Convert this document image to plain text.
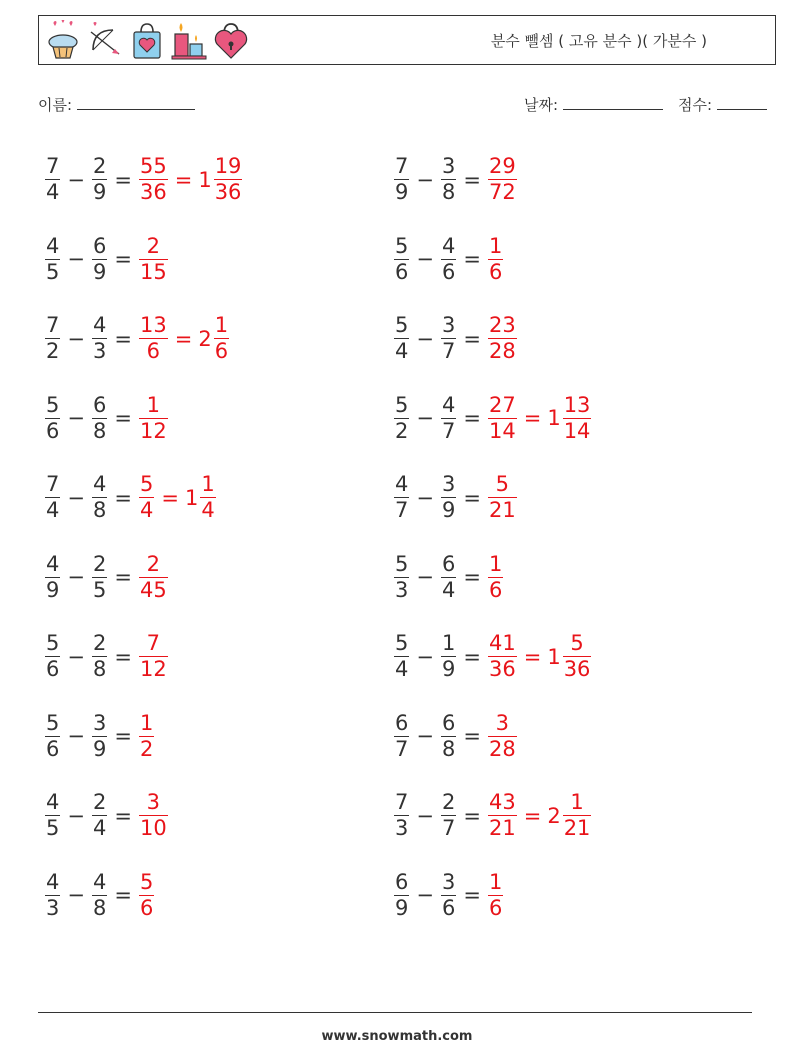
분수 뺄셈 ( 고유 분수 )( 가분수 )
이름:	날짜:	점수:
$\frac{7}{4} - \frac{2}{9} = \frac{55}{36} = 1 \frac{19}{36}$
$\frac{4}{5} - \frac{6}{9} = \frac{2}{15}$
$\frac{7}{2} - \frac{4}{3} = \frac{13}{6} = 2 \frac{1}{6}$
$\frac{5}{6} - \frac{6}{8} = \frac{1}{12}$
$\frac{7}{4} - \frac{4}{8} = \frac{5}{4} = 1 \frac{1}{4}$
$\frac{4}{9} - \frac{2}{5} = \frac{2}{45}$
$\frac{5}{6} - \frac{2}{8} = \frac{7}{12}$
$\frac{5}{6} - \frac{3}{9} = \frac{1}{2}$
$\frac{4}{5} - \frac{2}{4} = \frac{3}{10}$
$\frac{4}{3} - \frac{4}{8} = \frac{5}{6}$
$\frac{7}{9} - \frac{3}{8} = \frac{29}{72}$
$\frac{5}{6} - \frac{4}{6} = \frac{1}{6}$
$\frac{5}{4} - \frac{3}{7} = \frac{23}{28}$
$\frac{5}{2} - \frac{4}{7} = \frac{27}{14} = 1 \frac{13}{14}$
$\frac{4}{7} - \frac{3}{9} = \frac{5}{21}$
$\frac{5}{3} - \frac{6}{4} = \frac{1}{6}$
$\frac{5}{4} - \frac{1}{9} = \frac{41}{36} = 1 \frac{5}{36}$
$\frac{6}{7} - \frac{6}{8} = \frac{3}{28}$
$\frac{7}{3} - \frac{2}{7} = \frac{43}{21} = 2 \frac{1}{21}$
$\frac{6}{9} - \frac{3}{6} = \frac{1}{6}$
www.snowmath.com
